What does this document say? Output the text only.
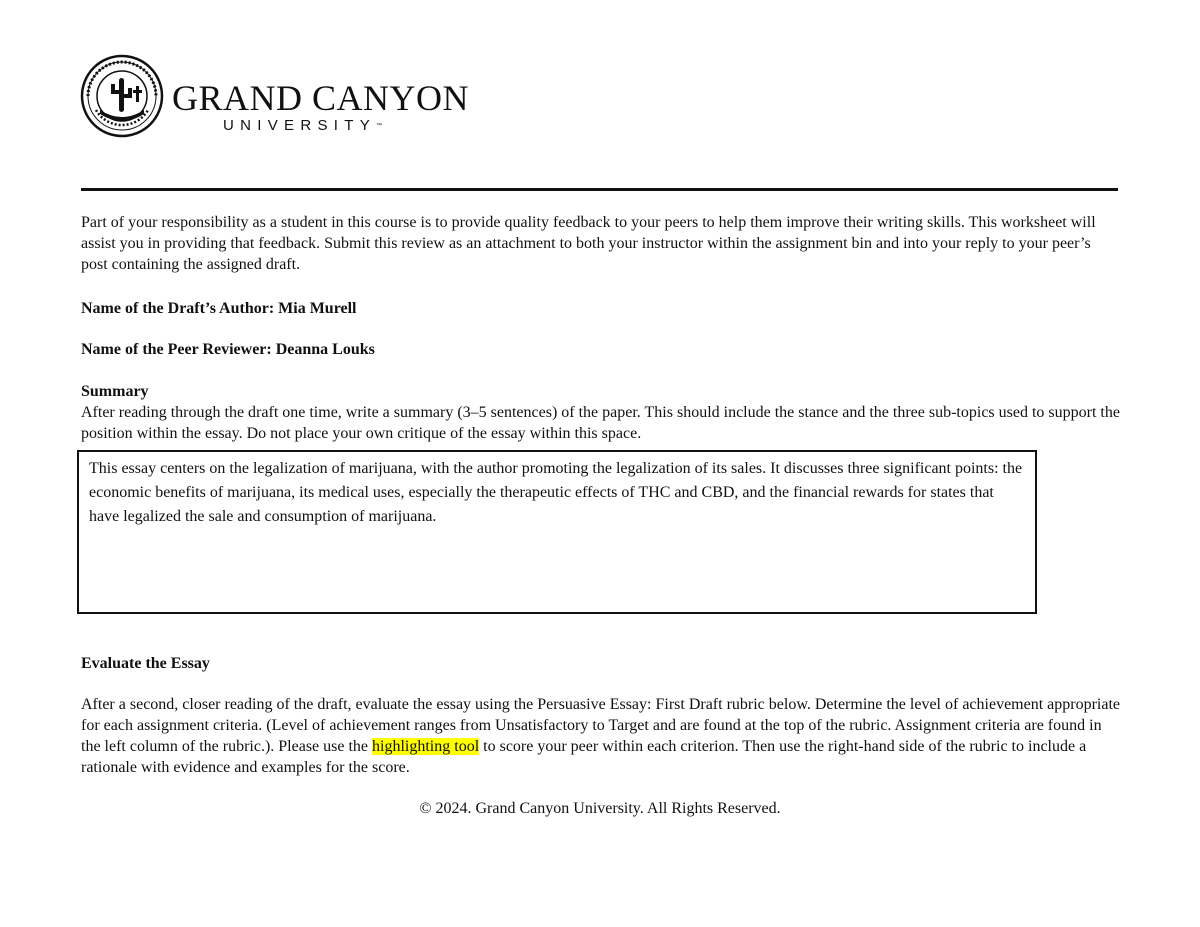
GRAND CANYON
UNIVERSITY™

Part of your responsibility as a student in this course is to provide quality feedback to your peers to help them improve their writing skills. This worksheet will assist you in providing that feedback. Submit this review as an attachment to both your instructor within the assignment bin and into your reply to your peer’s post containing the assigned draft.

Name of the Draft’s Author: Mia Murell

Name of the Peer Reviewer: Deanna Louks

Summary

After reading through the draft one time, write a summary (3–5 sentences) of the paper. This should include the stance and the three sub-topics used to support the position within the essay. Do not place your own critique of the essay within this space.

This essay centers on the legalization of marijuana, with the author promoting the legalization of its sales. It discusses three significant points: the economic benefits of marijuana, its medical uses, especially the therapeutic effects of THC and CBD, and the financial rewards for states that have legalized the sale and consumption of marijuana.

Evaluate the Essay

After a second, closer reading of the draft, evaluate the essay using the Persuasive Essay: First Draft rubric below. Determine the level of achievement appropriate for each assignment criteria. (Level of achievement ranges from Unsatisfactory to Target and are found at the top of the rubric. Assignment criteria are found in the left column of the rubric.). Please use the highlighting tool to score your peer within each criterion. Then use the right-hand side of the rubric to include a rationale with evidence and examples for the score.

© 2024. Grand Canyon University. All Rights Reserved.
